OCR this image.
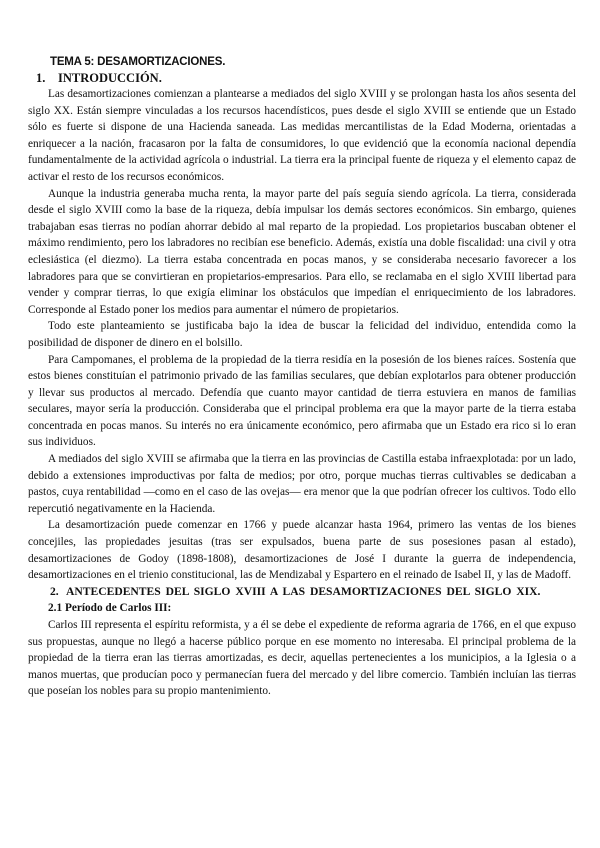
TEMA 5: DESAMORTIZACIONES.
1. INTRODUCCIÓN.

Las desamortizaciones comienzan a plantearse a mediados del siglo XVIII y se prolongan hasta los años sesenta del siglo XX. Están siempre vinculadas a los recursos hacendísticos, pues desde el siglo XVIII se entiende que un Estado sólo es fuerte si dispone de una Hacienda saneada. Las medidas mercantilistas de la Edad Moderna, orientadas a enriquecer a la nación, fracasaron por la falta de consumidores, lo que evidenció que la economía nacional dependía fundamentalmente de la actividad agrícola o industrial. La tierra era la principal fuente de riqueza y el elemento capaz de activar el resto de los recursos económicos.

Aunque la industria generaba mucha renta, la mayor parte del país seguía siendo agrícola. La tierra, considerada desde el siglo XVIII como la base de la riqueza, debía impulsar los demás sectores económicos. Sin embargo, quienes trabajaban esas tierras no podían ahorrar debido al mal reparto de la propiedad. Los propietarios buscaban obtener el máximo rendimiento, pero los labradores no recibían ese beneficio. Además, existía una doble fiscalidad: una civil y otra eclesiástica (el diezmo). La tierra estaba concentrada en pocas manos, y se consideraba necesario favorecer a los labradores para que se convirtieran en propietarios-empresarios. Para ello, se reclamaba en el siglo XVIII libertad para vender y comprar tierras, lo que exigía eliminar los obstáculos que impedían el enriquecimiento de los labradores. Corresponde al Estado poner los medios para aumentar el número de propietarios.

Todo este planteamiento se justificaba bajo la idea de buscar la felicidad del individuo, entendida como la posibilidad de disponer de dinero en el bolsillo.

Para Campomanes, el problema de la propiedad de la tierra residía en la posesión de los bienes raíces. Sostenía que estos bienes constituían el patrimonio privado de las familias seculares, que debían explotarlos para obtener producción y llevar sus productos al mercado. Defendía que cuanto mayor cantidad de tierra estuviera en manos de familias seculares, mayor sería la producción. Consideraba que el principal problema era que la mayor parte de la tierra estaba concentrada en pocas manos. Su interés no era únicamente económico, pero afirmaba que un Estado era rico si lo eran sus individuos.

A mediados del siglo XVIII se afirmaba que la tierra en las provincias de Castilla estaba infraexplotada: por un lado, debido a extensiones improductivas por falta de medios; por otro, porque muchas tierras cultivables se dedicaban a pastos, cuya rentabilidad —como en el caso de las ovejas— era menor que la que podrían ofrecer los cultivos. Todo ello repercutió negativamente en la Hacienda.

La desamortización puede comenzar en 1766 y puede alcanzar hasta 1964, primero las ventas de los bienes concejiles, las propiedades jesuitas (tras ser expulsados, buena parte de sus posesiones pasan al estado), desamortizaciones de Godoy (1898-1808), desamortizaciones de José I durante la guerra de independencia, desamortizaciones en el trienio constitucional, las de Mendizabal y Espartero en el reinado de Isabel II, y las de Madoff.

2. ANTECEDENTES DEL SIGLO XVIII A LAS DESAMORTIZACIONES DEL SIGLO XIX.
2.1 Período de Carlos III:

Carlos III representa el espíritu reformista, y a él se debe el expediente de reforma agraria de 1766, en el que expuso sus propuestas, aunque no llegó a hacerse público porque en ese momento no interesaba. El principal problema de la propiedad de la tierra eran las tierras amortizadas, es decir, aquellas pertenecientes a los municipios, a la Iglesia o a manos muertas, que producían poco y permanecían fuera del mercado y del libre comercio. También incluían las tierras que poseían los nobles para su propio mantenimiento.
